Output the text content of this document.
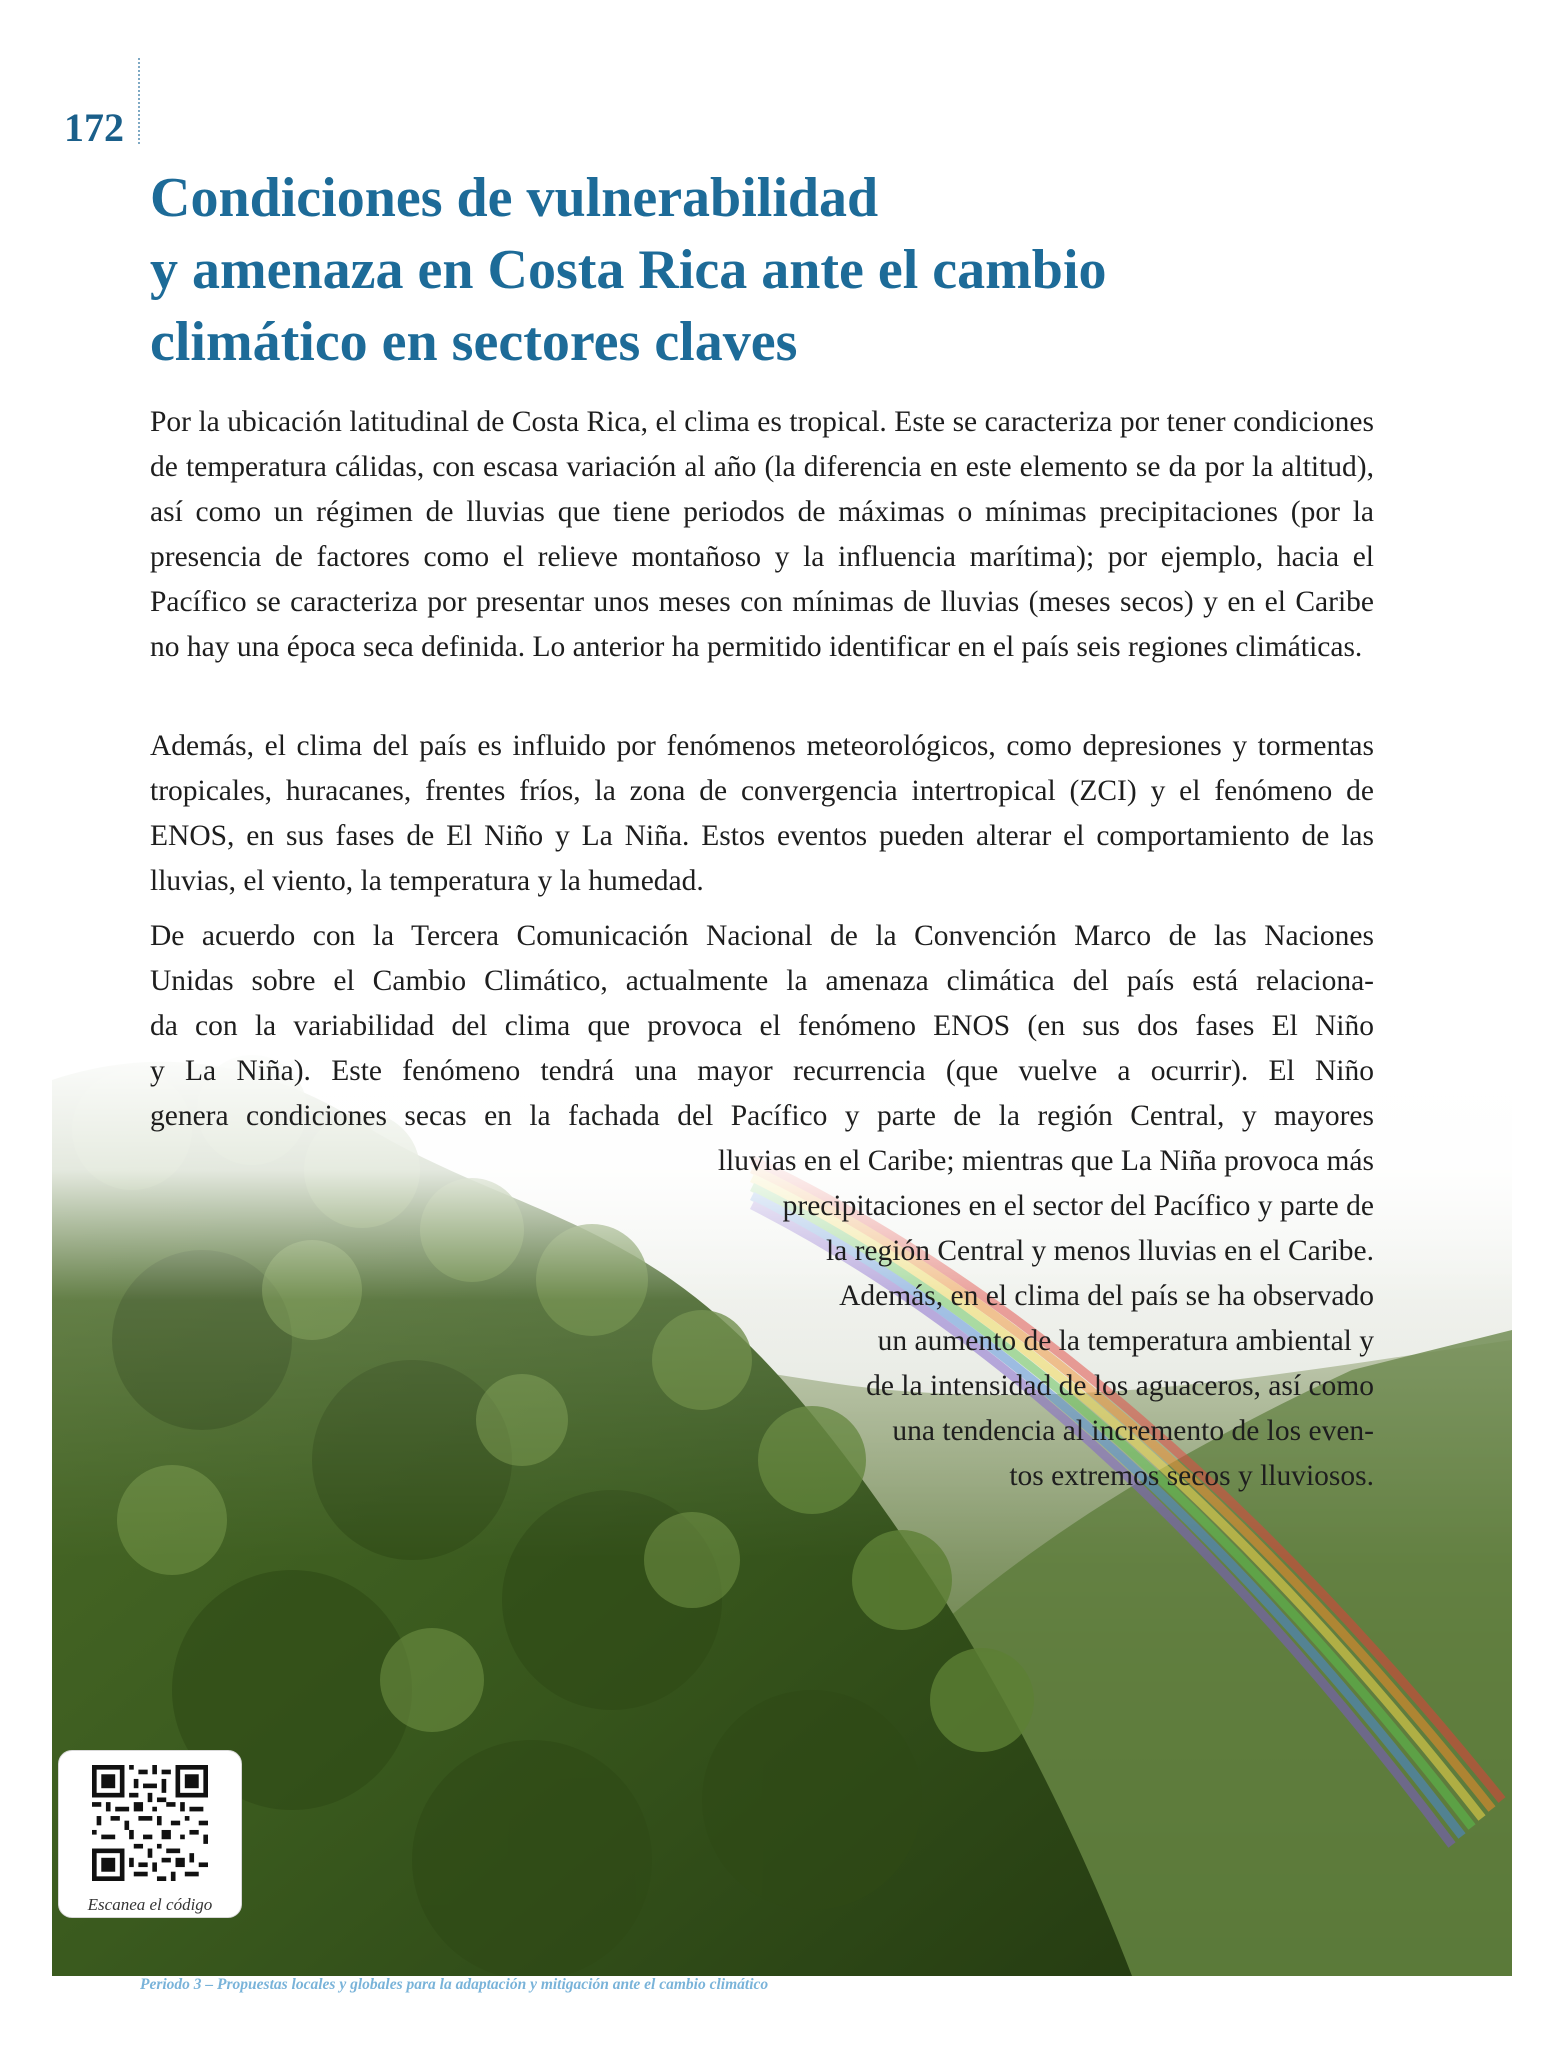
172
Condiciones de vulnerabilidad
y amenaza en Costa Rica ante el cambio
climático en sectores claves

Por la ubicación latitudinal de Costa Rica, el clima es tropical. Este se caracteriza por tener condiciones de temperatura cálidas, con escasa variación al año (la diferencia en este elemento se da por la altitud), así como un régimen de lluvias que tiene periodos de máximas o mínimas precipitaciones (por la presencia de factores como el relieve montañoso y la influencia marítima); por ejemplo, hacia el Pacífico se caracteriza por presentar unos meses con mínimas de lluvias (meses secos) y en el Caribe no hay una época seca definida. Lo anterior ha permitido identificar en el país seis regiones climáticas.

Además, el clima del país es influido por fenómenos meteorológicos, como depresiones y tormentas tropicales, huracanes, frentes fríos, la zona de convergencia intertropical (ZCI) y el fenómeno de ENOS, en sus fases de El Niño y La Niña. Estos eventos pueden alterar el comportamiento de las lluvias, el viento, la temperatura y la humedad.

De acuerdo con la Tercera Comunicación Nacional de la Convención Marco de las Naciones
Unidas sobre el Cambio Climático, actualmente la amenaza climática del país está relaciona-
da con la variabilidad del clima que provoca el fenómeno ENOS (en sus dos fases El Niño
y La Niña). Este fenómeno tendrá una mayor recurrencia (que vuelve a ocurrir). El Niño
genera condiciones secas en la fachada del Pacífico y parte de la región Central, y mayores
lluvias en el Caribe; mientras que La Niña provoca más
precipitaciones en el sector del Pacífico y parte de
la región Central y menos lluvias en el Caribe.
Además, en el clima del país se ha observado
un aumento de la temperatura ambiental y
de la intensidad de los aguaceros, así como
una tendencia al incremento de los even-
tos extremos secos y lluviosos.

Escanea el código
Periodo 3 – Propuestas locales y globales para la adaptación y mitigación ante el cambio climático
